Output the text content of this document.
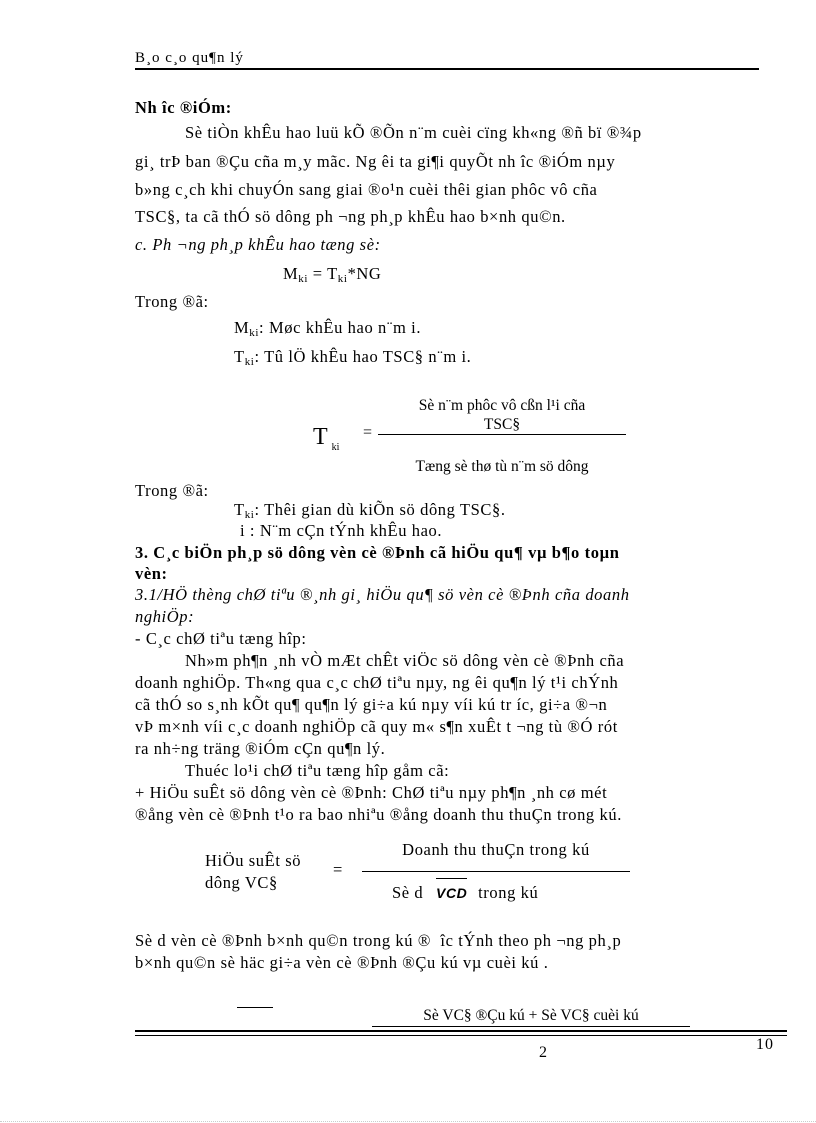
B¸o c¸o qu¶n lý
Nh îc ®iÓm:
Sè tiÒn khÊu hao luü kÕ ®Õn n¨m cuèi cïng kh«ng ®ñ bï ®¾p
gi¸ trÞ ban ®Çu cña m¸y mãc. Ng êi ta gi¶i quyÕt nh îc ®iÓm nµy
b»ng c¸ch khi chuyÓn sang giai ®o¹n cuèi thêi gian phôc vô cña
TSC§, ta cã thÓ sö dông ph ¬ng ph¸p khÊu hao b×nh qu©n.
c. Ph ¬ng ph¸p khÊu hao tæng sè:
$M_{ki} = T_{ki}*NG$
Trong ®ã:
$M_{ki}$: Møc khÊu hao n¨m i.
$T_{ki}$: Tû lÖ khÊu hao TSC§ n¨m i.
T $_{ki}$
=
Sè n¨m phôc vô cßn l¹i cña
TSC§
Tæng sè thø tù n¨m sö dông
Trong ®ã:
$T_{ki}$: Thêi gian dù kiÕn sö dông TSC§.
i : N¨m cÇn tÝnh khÊu hao.
3. C¸c biÖn ph¸p sö dông vèn cè ®Þnh cã hiÖu qu¶ vµ b¶o toµn
vèn:
3.1/HÖ thèng chØ tiªu ®¸nh gi¸ hiÖu qu¶ sö vèn cè ®Þnh cña doanh
nghiÖp:
- C¸c chØ tiªu tæng hîp:
Nh»m ph¶n ¸nh vÒ mÆt chÊt viÖc sö dông vèn cè ®Þnh cña
doanh nghiÖp. Th«ng qua c¸c chØ tiªu nµy, ng êi qu¶n lý t¹i chÝnh
cã thÓ so s¸nh kÕt qu¶ qu¶n lý gi÷a kú nµy víi kú tr íc, gi÷a ®¬n
vÞ m×nh víi c¸c doanh nghiÖp cã quy m« s¶n xuÊt t ¬ng tù ®Ó rót
ra nh÷ng träng ®iÓm cÇn qu¶n lý.
Thuéc lo¹i chØ tiªu tæng hîp gåm cã:
+ HiÖu suÊt sö dông vèn cè ®Þnh: ChØ tiªu nµy ph¶n ¸nh cø mét
®ång vèn cè ®Þnh t¹o ra bao nhiªu ®ång doanh thu thuÇn trong kú.
HiÖu suÊt sö
dông VC§
=
Doanh thu thuÇn trong kú
Sè d VCD trong kú
Sè d vèn cè ®Þnh b×nh qu©n trong kú ® îc tÝnh theo ph ¬ng ph¸p
b×nh qu©n sè häc gi÷a vèn cè ®Þnh ®Çu kú vµ cuèi kú .
Sè VC§ ®Çu kú + Sè VC§ cuèi kú
2	10
